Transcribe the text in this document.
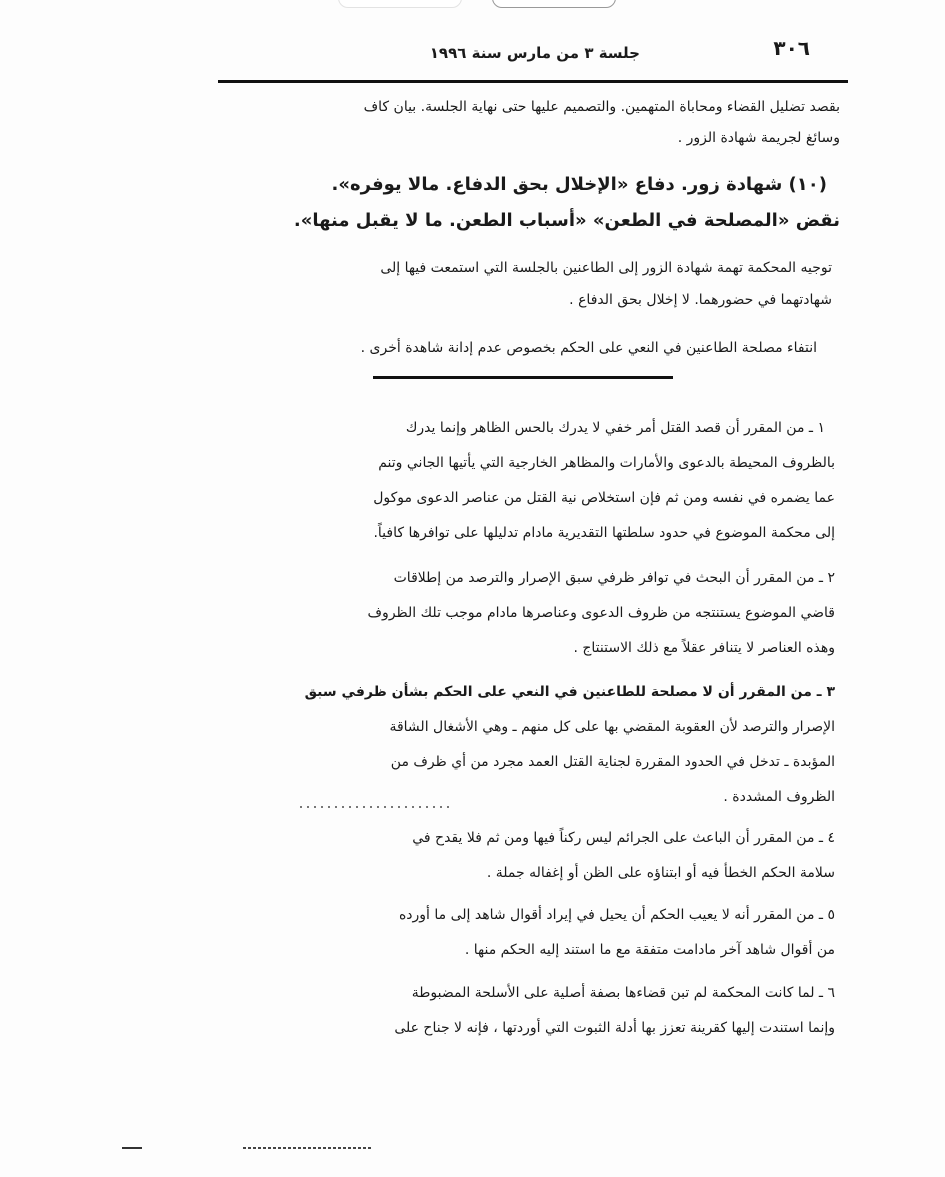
٣٠٦
جلسة ٣ من مارس سنة ١٩٩٦
بقصد تضليل القضاء ومحاباة المتهمين. والتصميم عليها حتى نهاية الجلسة. بيان كاف
وسائغ لجريمة شهادة الزور .
(١٠) شهادة زور. دفاع «الإخلال بحق الدفاع. مالا يوفره».
نقض «المصلحة في الطعن» «أسباب الطعن. ما لا يقبل منها».
توجيه المحكمة تهمة شهادة الزور إلى الطاعنين بالجلسة التي استمعت فيها إلى
شهادتهما في حضورهما. لا إخلال بحق الدفاع .
انتفاء مصلحة الطاعنين في النعي على الحكم بخصوص عدم إدانة شاهدة أخرى .
١ ـ من المقرر أن قصد القتل أمر خفي لا يدرك بالحس الظاهر وإنما يدرك
بالظروف المحيطة بالدعوى والأمارات والمظاهر الخارجية التي يأتيها الجاني وتنم
عما يضمره في نفسه ومن ثم فإن استخلاص نية القتل من عناصر الدعوى موكول
إلى محكمة الموضوع في حدود سلطتها التقديرية مادام تدليلها على توافرها كافياً.
٢ ـ من المقرر أن البحث في توافر ظرفي سبق الإصرار والترصد من إطلاقات
قاضي الموضوع يستنتجه من ظروف الدعوى وعناصرها مادام موجب تلك الظروف
وهذه العناصر لا يتنافر عقلاً مع ذلك الاستنتاج .
٣ ـ من المقرر أن لا مصلحة للطاعنين في النعي على الحكم بشأن ظرفي سبق
الإصرار والترصد لأن العقوبة المقضي بها على كل منهم ـ وهي الأشغال الشاقة
المؤبدة ـ تدخل في الحدود المقررة لجناية القتل العمد مجرد من أي ظرف من
الظروف المشددة .
٤ ـ من المقرر أن الباعث على الجرائم ليس ركناً فيها ومن ثم فلا يقدح في
سلامة الحكم الخطأ فيه أو ابتناؤه على الظن أو إغفاله جملة .
٥ ـ من المقرر أنه لا يعيب الحكم أن يحيل في إيراد أقوال شاهد إلى ما أورده
من أقوال شاهد آخر مادامت متفقة مع ما استند إليه الحكم منها .
٦ ـ لما كانت المحكمة لم تبن قضاءها بصفة أصلية على الأسلحة المضبوطة
وإنما استندت إليها كقرينة تعزز بها أدلة الثبوت التي أوردتها ، فإنه لا جناح على
